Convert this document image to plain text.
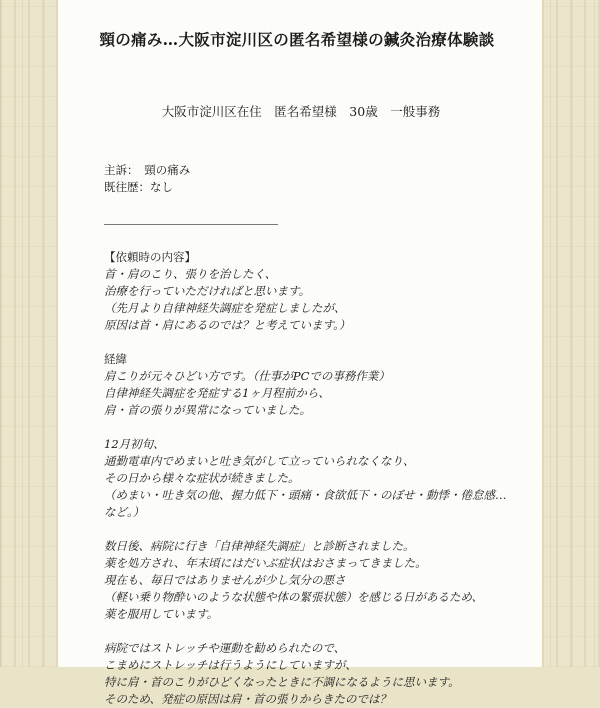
頸の痛み…大阪市淀川区の匿名希望様の鍼灸治療体験談
大阪市淀川区在住　匿名希望様　30歳　一般事務
主訴：　頸の痛み
既往歴：なし
【依頼時の内容】
首・肩のこり、張りを治したく、
治療を行っていただければと思います。
（先月より自律神経失調症を発症しましたが、
原因は首・肩にあるのでは？と考えています。）
経緯
肩こりが元々ひどい方です。（仕事がPCでの事務作業）
自律神経失調症を発症する1ヶ月程前から、
肩・首の張りが異常になっていました。
12月初旬、
通勤電車内でめまいと吐き気がして立っていられなくなり、
その日から様々な症状が続きました。
（めまい・吐き気の他、握力低下・頭痛・食欲低下・のぼせ・動悸・倦怠感…
など。）
数日後、病院に行き「自律神経失調症」と診断されました。
薬を処方され、年末頃にはだいぶ症状はおさまってきました。
現在も、毎日ではありませんが少し気分の悪さ
（軽い乗り物酔いのような状態や体の緊張状態）を感じる日があるため、
薬を服用しています。
病院ではストレッチや運動を勧められたので、
こまめにストレッチは行うようにしていますが、
特に肩・首のこりがひどくなったときに不調になるように思います。
そのため、発症の原因は肩・首の張りからきたのでは？
